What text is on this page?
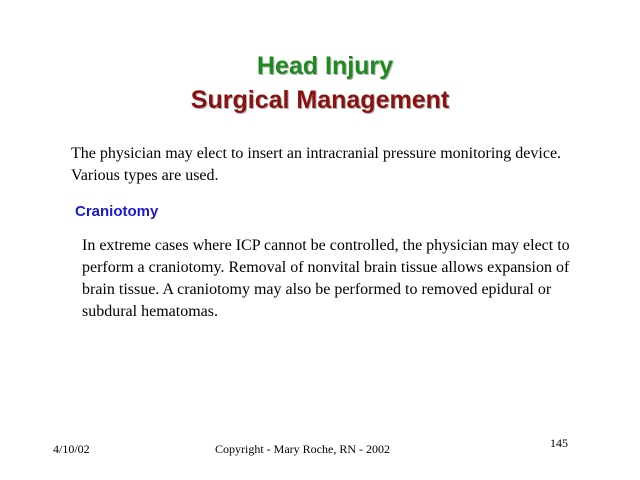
Head Injury
Surgical Management
The physician may elect to insert an intracranial pressure monitoring device. Various types are used.
Craniotomy
In extreme cases where ICP cannot be controlled, the physician may elect to perform a craniotomy. Removal of nonvital brain tissue allows expansion of brain tissue. A craniotomy may also be performed to removed epidural or subdural hematomas.
4/10/02	Copyright - Mary Roche, RN - 2002	145
